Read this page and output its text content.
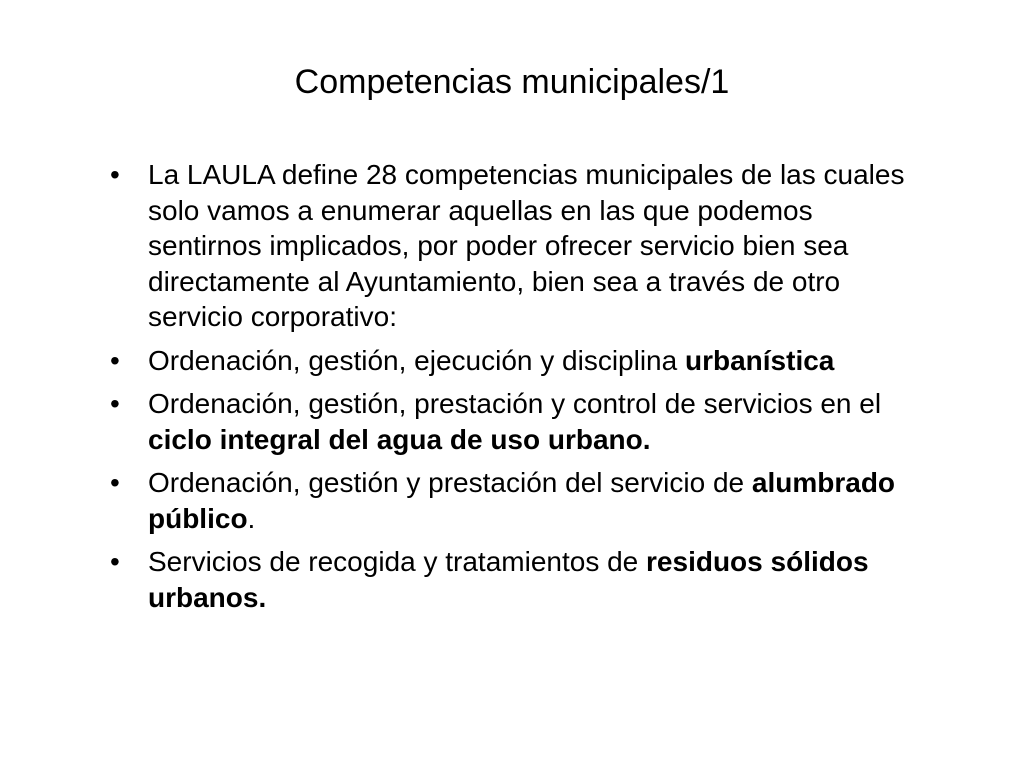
Competencias municipales/1
• La LAULA define 28 competencias municipales de las cuales solo vamos a enumerar aquellas en las que podemos sentirnos implicados, por poder ofrecer servicio bien sea directamente al Ayuntamiento, bien sea a través de otro servicio corporativo:
• Ordenación, gestión, ejecución y disciplina urbanística
• Ordenación, gestión, prestación y control de servicios en el ciclo integral del agua de uso urbano.
• Ordenación, gestión y prestación del servicio de alumbrado público.
• Servicios de recogida y tratamientos de residuos sólidos urbanos.
